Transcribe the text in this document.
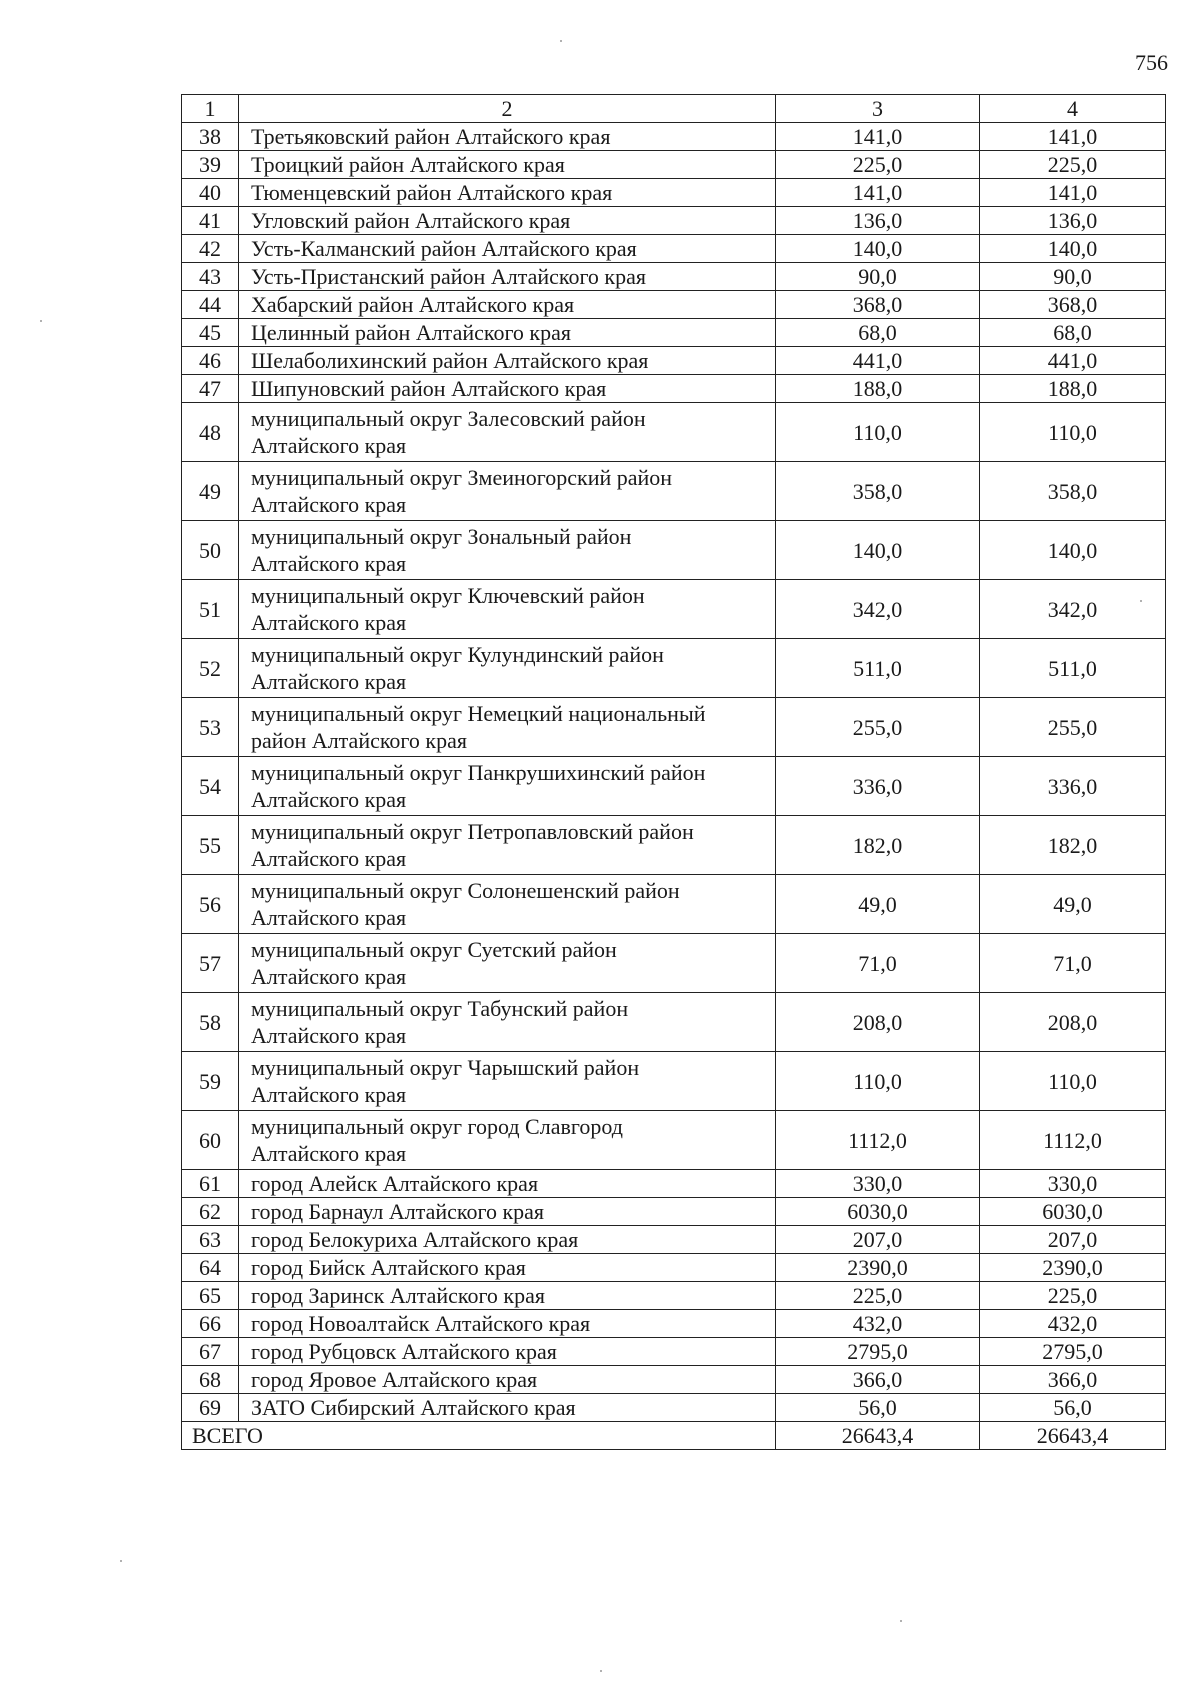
756
1	2	3	4
38	Третьяковский район Алтайского края	141,0	141,0
39	Троицкий район Алтайского края	225,0	225,0
40	Тюменцевский район Алтайского края	141,0	141,0
41	Угловский район Алтайского края	136,0	136,0
42	Усть-Калманский район Алтайского края	140,0	140,0
43	Усть-Пристанский район Алтайского края	90,0	90,0
44	Хабарский район Алтайского края	368,0	368,0
45	Целинный район Алтайского края	68,0	68,0
46	Шелаболихинский район Алтайского края	441,0	441,0
47	Шипуновский район Алтайского края	188,0	188,0
48	муниципальный округ Залесовский район
Алтайского края	110,0	110,0
49	муниципальный округ Змеиногорский район
Алтайского края	358,0	358,0
50	муниципальный округ Зональный район
Алтайского края	140,0	140,0
51	муниципальный округ Ключевский район
Алтайского края	342,0	342,0
52	муниципальный округ Кулундинский район
Алтайского края	511,0	511,0
53	муниципальный округ Немецкий национальный
район Алтайского края	255,0	255,0
54	муниципальный округ Панкрушихинский район
Алтайского края	336,0	336,0
55	муниципальный округ Петропавловский район
Алтайского края	182,0	182,0
56	муниципальный округ Солонешенский район
Алтайского края	49,0	49,0
57	муниципальный округ Суетский район
Алтайского края	71,0	71,0
58	муниципальный округ Табунский район
Алтайского края	208,0	208,0
59	муниципальный округ Чарышский район
Алтайского края	110,0	110,0
60	муниципальный округ город Славгород
Алтайского края	1112,0	1112,0
61	город Алейск Алтайского края	330,0	330,0
62	город Барнаул Алтайского края	6030,0	6030,0
63	город Белокуриха Алтайского края	207,0	207,0
64	город Бийск Алтайского края	2390,0	2390,0
65	город Заринск Алтайского края	225,0	225,0
66	город Новоалтайск Алтайского края	432,0	432,0
67	город Рубцовск Алтайского края	2795,0	2795,0
68	город Яровое Алтайского края	366,0	366,0
69	ЗАТО Сибирский Алтайского края	56,0	56,0
ВСЕГО		26643,4	26643,4
